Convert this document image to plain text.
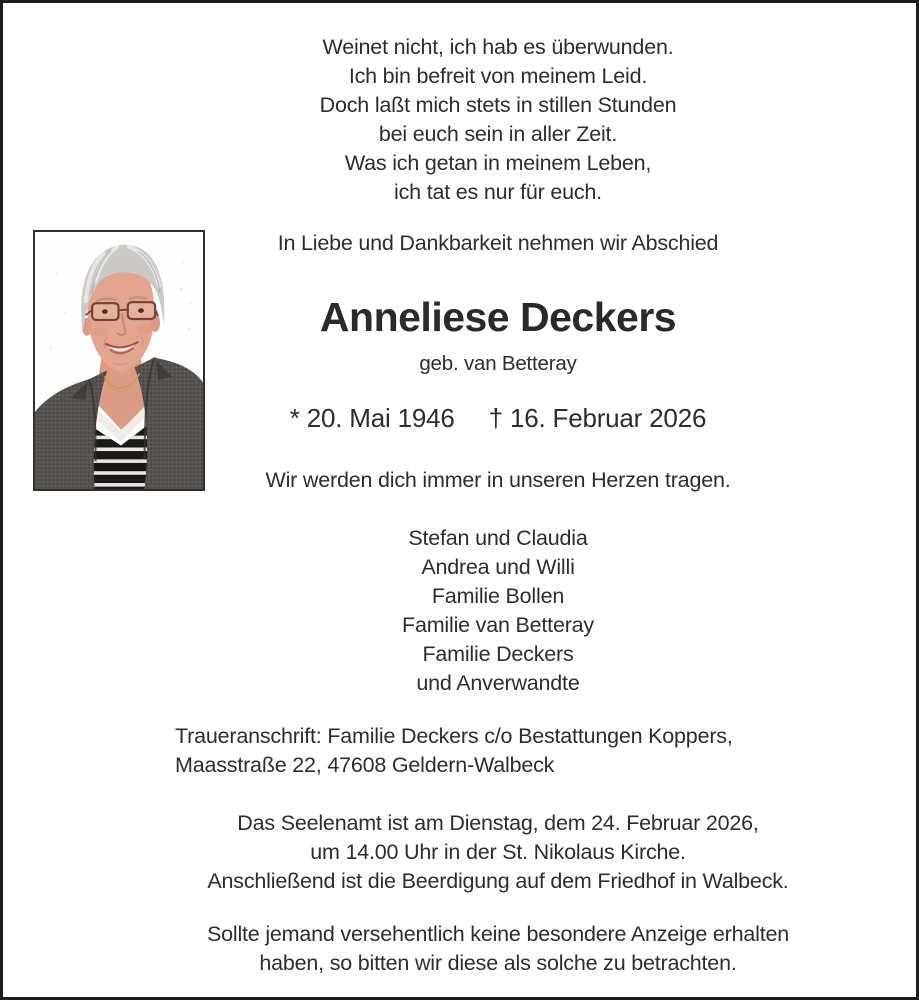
Weinet nicht, ich hab es überwunden.
Ich bin befreit von meinem Leid.
Doch laßt mich stets in stillen Stunden
bei euch sein in aller Zeit.
Was ich getan in meinem Leben,
ich tat es nur für euch.
In Liebe und Dankbarkeit nehmen wir Abschied
Anneliese Deckers
geb. van Betteray
* 20. Mai 1946 † 16. Februar 2026
Wir werden dich immer in unseren Herzen tragen.
Stefan und Claudia
Andrea und Willi
Familie Bollen
Familie van Betteray
Familie Deckers
und Anverwandte
Traueranschrift: Familie Deckers c/o Bestattungen Koppers,
Maasstraße 22, 47608 Geldern-Walbeck
Das Seelenamt ist am Dienstag, dem 24. Februar 2026,
um 14.00 Uhr in der St. Nikolaus Kirche.
Anschließend ist die Beerdigung auf dem Friedhof in Walbeck.
Sollte jemand versehentlich keine besondere Anzeige erhalten
haben, so bitten wir diese als solche zu betrachten.
